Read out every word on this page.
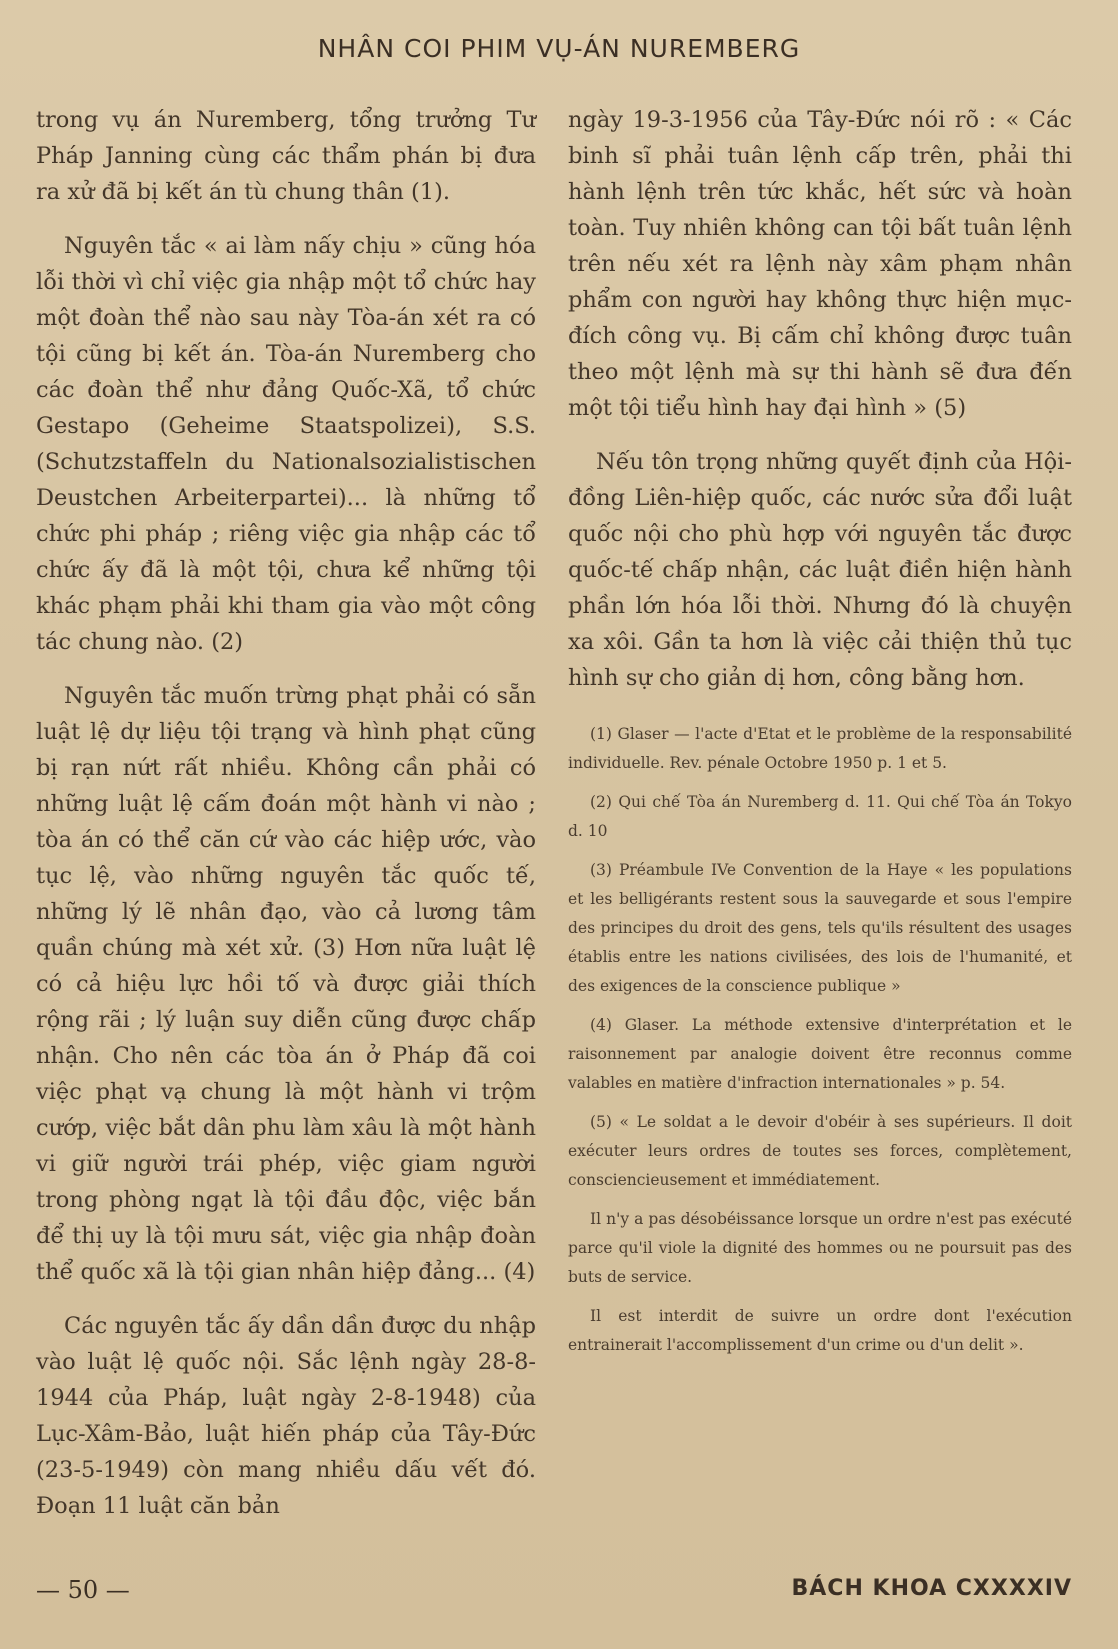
NHÂN COI PHIM VỤ-ÁN NUREMBERG

trong vụ án Nuremberg, tổng trưởng Tư Pháp Janning cùng các thẩm phán bị đưa ra xử đã bị kết án tù chung thân (1).

Nguyên tắc « ai làm nấy chịu » cũng hóa lỗi thời vì chỉ việc gia nhập một tổ chức hay một đoàn thể nào sau này Tòa-án xét ra có tội cũng bị kết án. Tòa-án Nuremberg cho các đoàn thể như đảng Quốc-Xã, tổ chức Gestapo (Geheime Staatspolizei), S.S. (Schutzstaffeln du Nationalsozialistischen Deustchen Arbeiterpartei)... là những tổ chức phi pháp ; riêng việc gia nhập các tổ chức ấy đã là một tội, chưa kể những tội khác phạm phải khi tham gia vào một công tác chung nào. (2)

Nguyên tắc muốn trừng phạt phải có sẵn luật lệ dự liệu tội trạng và hình phạt cũng bị rạn nứt rất nhiều. Không cần phải có những luật lệ cấm đoán một hành vi nào ; tòa án có thể căn cứ vào các hiệp ước, vào tục lệ, vào những nguyên tắc quốc tế, những lý lẽ nhân đạo, vào cả lương tâm quần chúng mà xét xử. (3) Hơn nữa luật lệ có cả hiệu lực hồi tố và được giải thích rộng rãi ; lý luận suy diễn cũng được chấp nhận. Cho nên các tòa án ở Pháp đã coi việc phạt vạ chung là một hành vi trộm cướp, việc bắt dân phu làm xâu là một hành vi giữ người trái phép, việc giam người trong phòng ngạt là tội đầu độc, việc bắn để thị uy là tội mưu sát, việc gia nhập đoàn thể quốc xã là tội gian nhân hiệp đảng... (4)

Các nguyên tắc ấy dần dần được du nhập vào luật lệ quốc nội. Sắc lệnh ngày 28-8-1944 của Pháp, luật ngày 2-8-1948) của Lục-Xâm-Bảo, luật hiến pháp của Tây-Đức (23-5-1949) còn mang nhiều dấu vết đó. Đoạn 11 luật căn bản

ngày 19-3-1956 của Tây-Đức nói rõ : « Các binh sĩ phải tuân lệnh cấp trên, phải thi hành lệnh trên tức khắc, hết sức và hoàn toàn. Tuy nhiên không can tội bất tuân lệnh trên nếu xét ra lệnh này xâm phạm nhân phẩm con người hay không thực hiện mục-đích công vụ. Bị cấm chỉ không được tuân theo một lệnh mà sự thi hành sẽ đưa đến một tội tiểu hình hay đại hình » (5)

Nếu tôn trọng những quyết định của Hội-đồng Liên-hiệp quốc, các nước sửa đổi luật quốc nội cho phù hợp với nguyên tắc được quốc-tế chấp nhận, các luật điền hiện hành phần lớn hóa lỗi thời. Nhưng đó là chuyện xa xôi. Gần ta hơn là việc cải thiện thủ tục hình sự cho giản dị hơn, công bằng hơn.

(1) Glaser — l'acte d'Etat et le problème de la responsabilité individuelle. Rev. pénale Octobre 1950 p. 1 et 5.

(2) Qui chế Tòa án Nuremberg d. 11. Qui chế Tòa án Tokyo d. 10

(3) Préambule IVe Convention de la Haye « les populations et les belligérants restent sous la sauvegarde et sous l'empire des principes du droit des gens, tels qu'ils résultent des usages établis entre les nations civilisées, des lois de l'humanité, et des exigences de la conscience publique »

(4) Glaser. La méthode extensive d'interprétation et le raisonnement par analogie doivent être reconnus comme valables en matière d'infraction internationales » p. 54.

(5) « Le soldat a le devoir d'obéir à ses supérieurs. Il doit exécuter leurs ordres de toutes ses forces, complètement, consciencieusement et immédiatement.

Il n'y a pas désobéissance lorsque un ordre n'est pas exécuté parce qu'il viole la dignité des hommes ou ne poursuit pas des buts de service.

Il est interdit de suivre un ordre dont l'exécution entrainerait l'accomplissement d'un crime ou d'un delit ».

— 50 —	BÁCH KHOA CXXXXIV
